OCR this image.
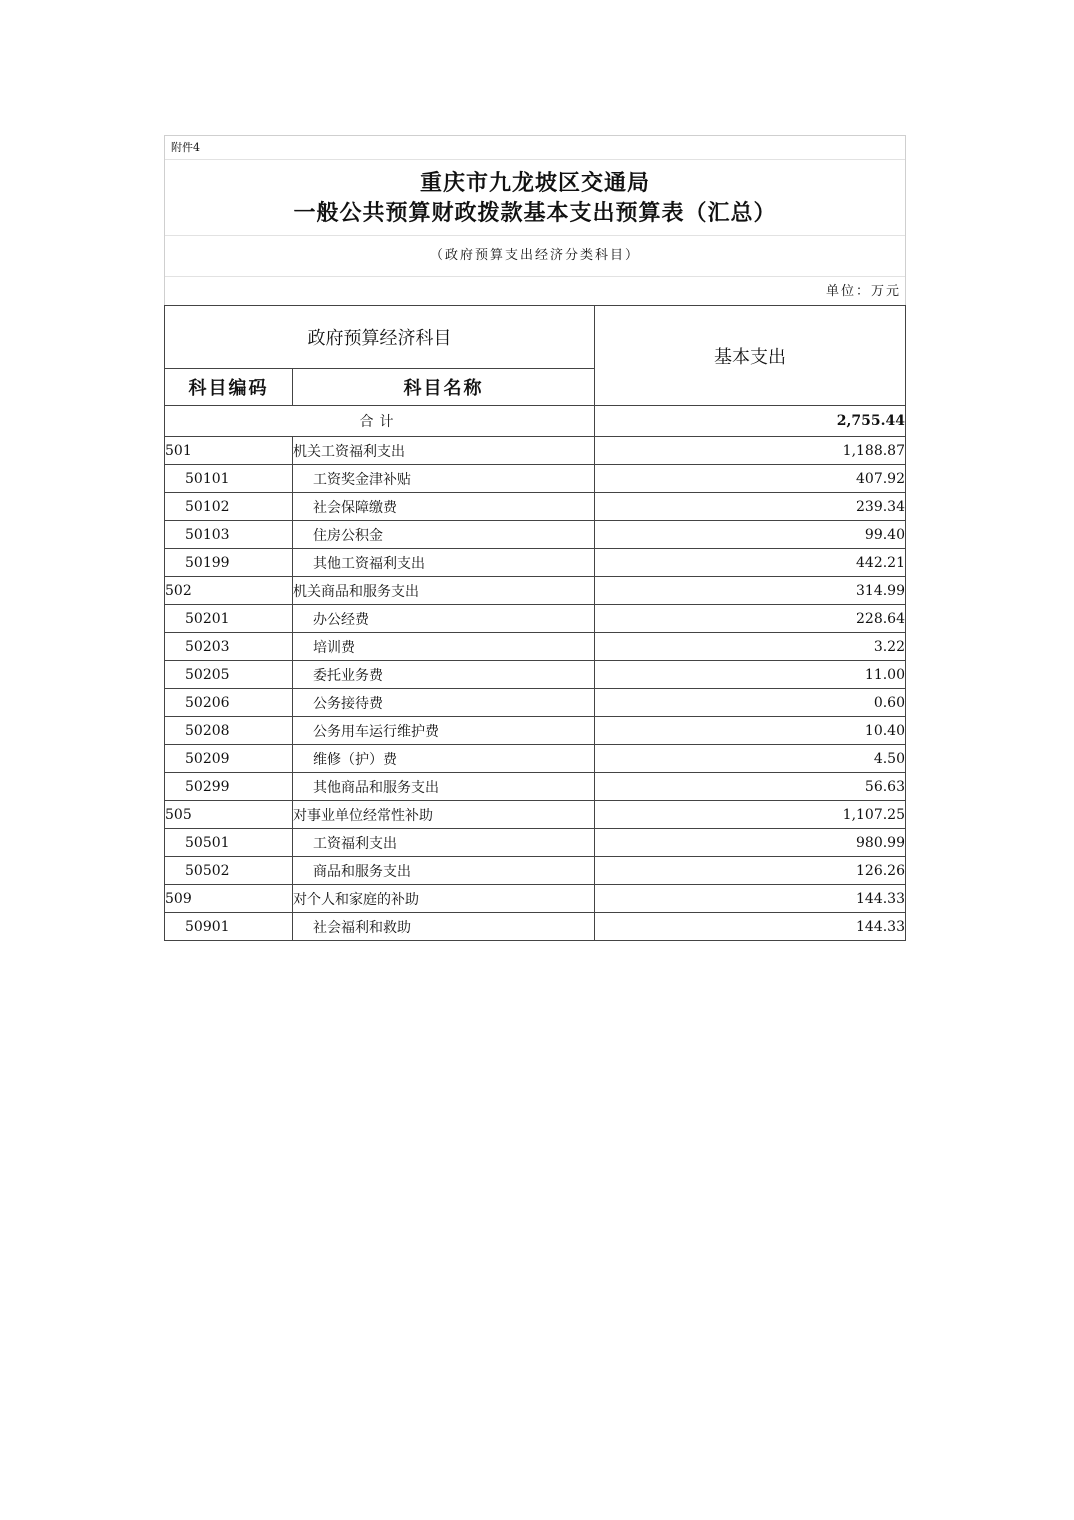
附件4
重庆市九龙坡区交通局
一般公共预算财政拨款基本支出预算表（汇总）
（政府预算支出经济分类科目）
单位：万元
政府预算经济科目		基本支出
科目编码	科目名称	
合计		2,755.44
501	机关工资福利支出	1,188.87
50101	工资奖金津补贴	407.92
50102	社会保障缴费	239.34
50103	住房公积金	99.40
50199	其他工资福利支出	442.21
502	机关商品和服务支出	314.99
50201	办公经费	228.64
50203	培训费	3.22
50205	委托业务费	11.00
50206	公务接待费	0.60
50208	公务用车运行维护费	10.40
50209	维修（护）费	4.50
50299	其他商品和服务支出	56.63
505	对事业单位经常性补助	1,107.25
50501	工资福利支出	980.99
50502	商品和服务支出	126.26
509	对个人和家庭的补助	144.33
50901	社会福利和救助	144.33
